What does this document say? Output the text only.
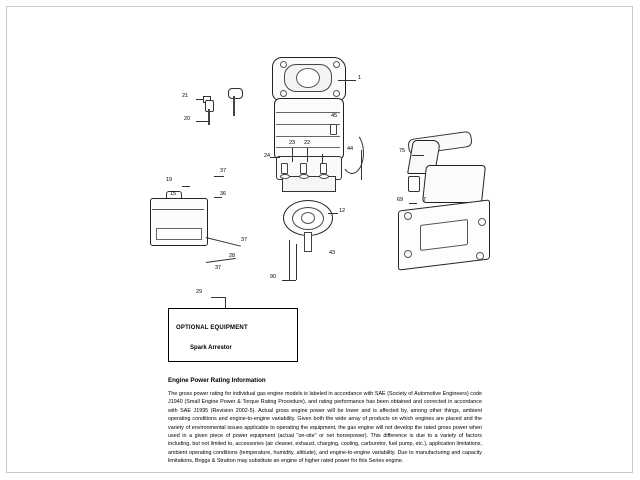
1
21
20	45
24
23 22
44	75
37
19
15	36
69	7
12
37
43
28
37
90
29
OPTIONAL EQUIPMENT
Spark Arrestor
Engine Power Rating Information
The gross power rating for individual gas engine models is labeled in accordance with SAE (Society of Automotive Engineers) code J1940 (Small Engine Power & Torque Rating Procedure), and rating performance has been obtained and corrected in accordance with SAE J1995 (Revision 2002-5). Actual gross engine power will be lower and is affected by, among other things, ambient operating conditions and engine-to-engine variability. Given both the wide array of products on which engines are placed and the variety of environmental issues applicable to operating the equipment, the gas engine will not develop the rated gross power when used in a given piece of power equipment (actual "on-site" or net horsepower). This difference is due to a variety of factors including, but not limited to, accessories (air cleaner, exhaust, charging, cooling, carburetor, fuel pump, etc.), application limitations, ambient operating conditions (temperature, humidity, altitude), and engine-to-engine variability. Due to manufacturing and capacity limitations, Briggs & Stratton may substitute an engine of higher rated power for this Series engine.
